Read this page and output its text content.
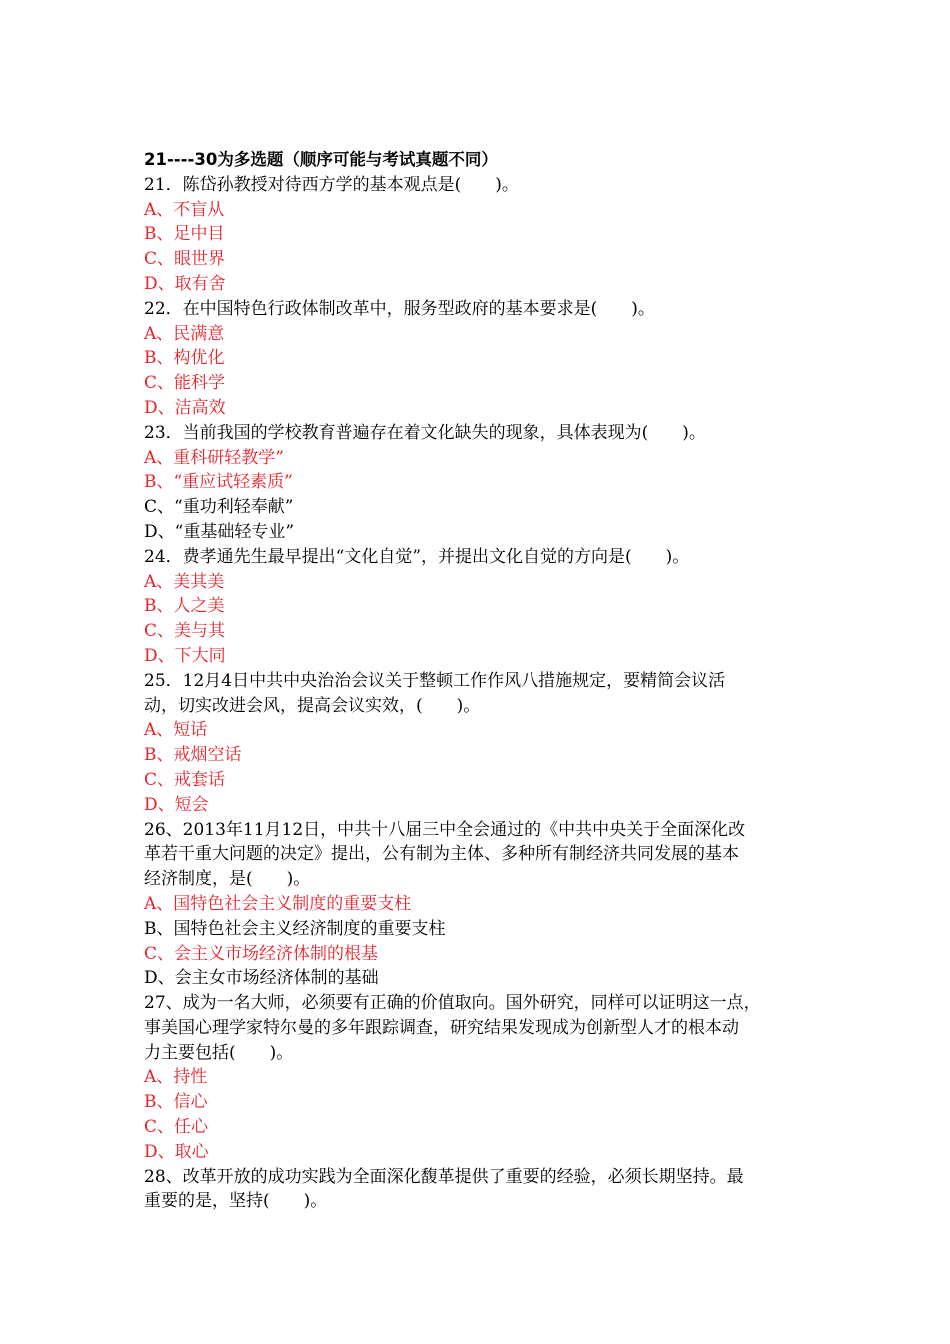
21----30为多选题（顺序可能与考试真题不同）
21．陈岱孙教授对待西方学的基本观点是(　　)。
A、不盲从
B、足中目
C、眼世界
D、取有舍
22．在中国特色行政体制改革中，服务型政府的基本要求是(　　)。
A、民满意
B、构优化
C、能科学
D、洁高效
23．当前我国的学校教育普遍存在着文化缺失的现象，具体表现为(　　)。
A、重科研轻教学”
B、“重应试轻素质”
C、“重功利轻奉献”
D、“重基础轻专业”
24．费孝通先生最早提出“文化自觉”，并提出文化自觉的方向是(　　)。
A、美其美
B、人之美
C、美与其
D、下大同
25．12月4日中共中央治治会议关于整顿工作作风八措施规定，要精简会议活
动，切实改进会风，提高会议实效，(　　)。
A、短话
B、戒烟空话
C、戒套话
D、短会
26、2013年11月12日，中共十八届三中全会通过的《中共中央关于全面深化改
革若干重大问题的决定》提出，公有制为主体、多种所有制经济共同发展的基本
经济制度，是(　　)。
A、国特色社会主义制度的重要支柱
B、国特色社会主义经济制度的重要支柱
C、会主义市场经济体制的根基
D、会主女市场经济体制的基础
27、成为一名大师，必须要有正确的价值取向。国外研究，同样可以证明这一点，
事美国心理学家特尔曼的多年跟踪调查，研究结果发现成为创新型人才的根本动
力主要包括(　　)。
A、持性
B、信心
C、任心
D、取心
28、改革开放的成功实践为全面深化馥革提供了重要的经验，必须长期坚持。最
重要的是，坚持(　　)。
